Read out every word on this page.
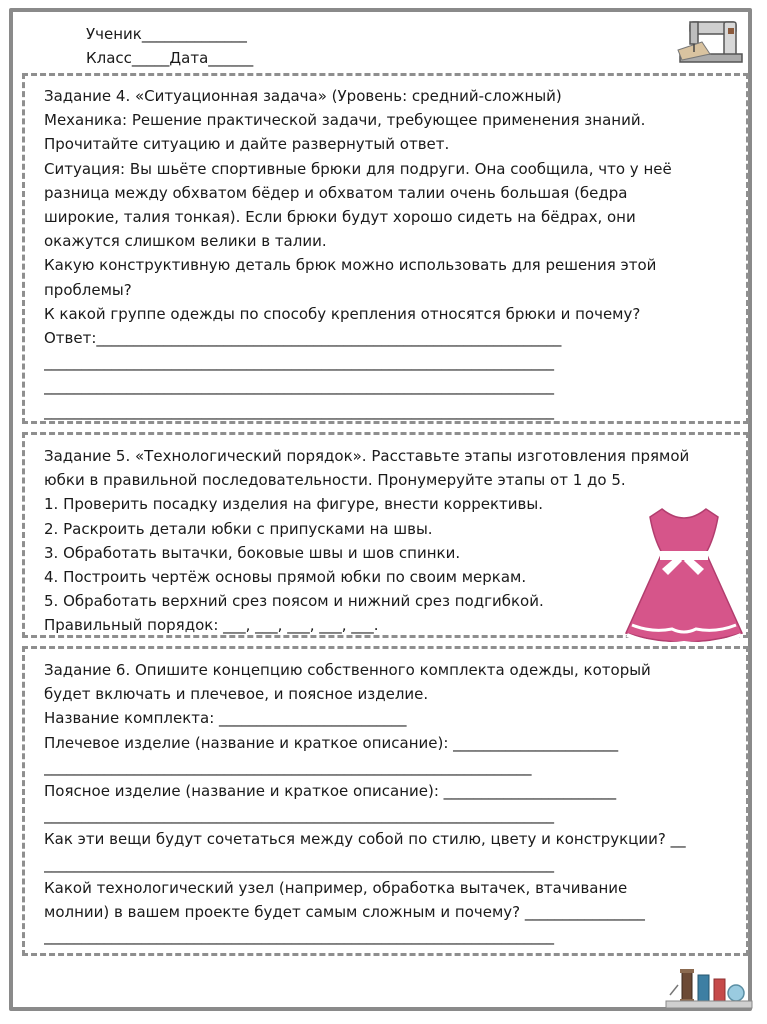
Ученик______________
Класс_____Дата______
Задание 4. «Ситуационная задача» (Уровень: средний-сложный)
Механика: Решение практической задачи, требующее применения знаний.
Прочитайте ситуацию и дайте развернутый ответ.
Ситуация: Вы шьёте спортивные брюки для подруги. Она сообщила, что у неё
разница между обхватом бёдер и обхватом талии очень большая (бедра
широкие, талия тонкая). Если брюки будут хорошо сидеть на бёдрах, они
окажутся слишком велики в талии.
Какую конструктивную деталь брюк можно использовать для решения этой
проблемы?
К какой группе одежды по способу крепления относятся брюки и почему?
Ответ:______________________________________________________________
____________________________________________________________________
____________________________________________________________________
____________________________________________________________________
Задание 5. «Технологический порядок». Расставьте этапы изготовления прямой
юбки в правильной последовательности. Пронумеруйте этапы от 1 до 5.
1. Проверить посадку изделия на фигуре, внести коррективы.
2. Раскроить детали юбки с припусками на швы.
3. Обработать вытачки, боковые швы и шов спинки.
4. Построить чертёж основы прямой юбки по своим меркам.
5. Обработать верхний срез поясом и нижний срез подгибкой.
Правильный порядок: ___, ___, ___, ___, ___.
Задание 6. Опишите концепцию собственного комплекта одежды, который
будет включать и плечевое, и поясное изделие.
Название комплекта: _________________________
Плечевое изделие (название и краткое описание): ______________________
_________________________________________________________________
Поясное изделие (название и краткое описание): _______________________
____________________________________________________________________
Как эти вещи будут сочетаться между собой по стилю, цвету и конструкции? __
____________________________________________________________________
Какой технологический узел (например, обработка вытачек, втачивание
молнии) в вашем проекте будет самым сложным и почему? ________________
____________________________________________________________________
